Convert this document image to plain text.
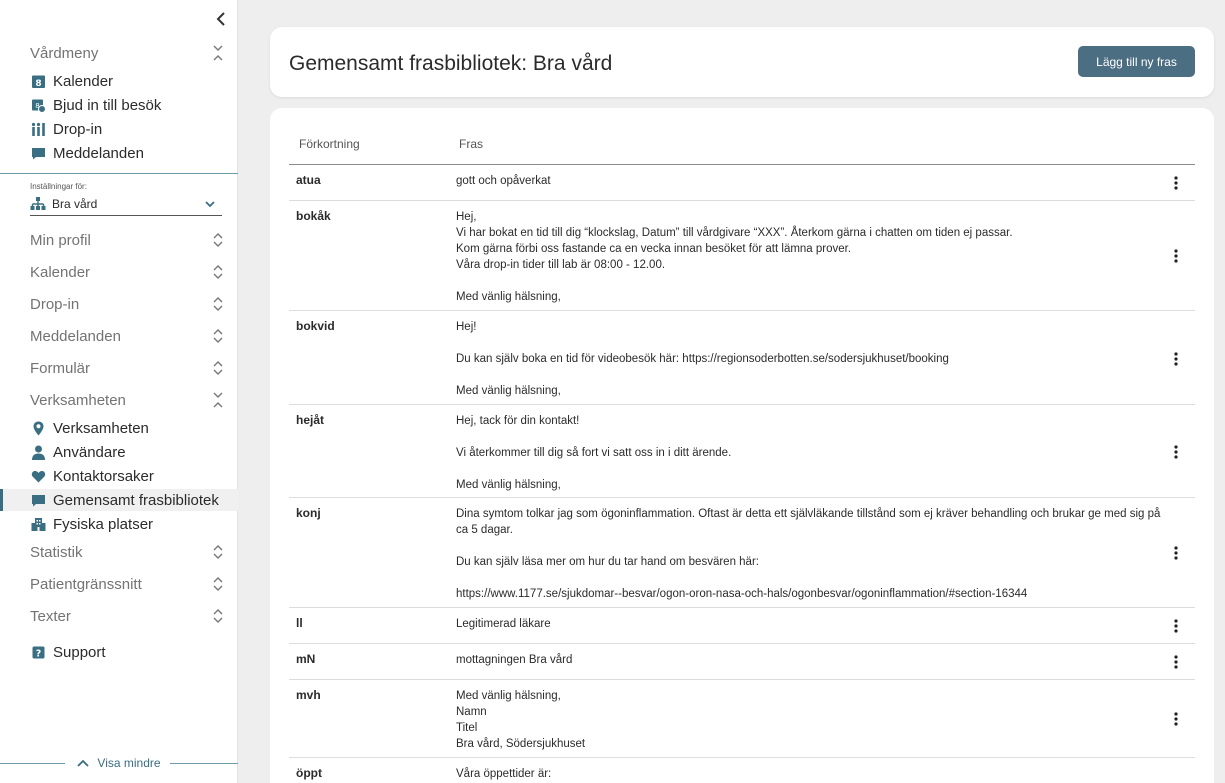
Vårdmeny
8 Kalender
8 Bjud in till besök
Drop-in
Meddelanden
Inställningar för:
Bra vård
Min profil
Kalender
Drop-in
Meddelanden
Formulär
Verksamheten
Verksamheten
Användare
Kontaktorsaker
Gemensamt frasbibliotek
Fysiska platser
Statistik
Patientgränssnitt
Texter
? Support
Visa mindre
Gemensamt frasbibliotek: Bra vård	Lägg till ny fras
Förkortning	Fras
atua	gott och opåverkat

bokåk	Hej,

Vi har bokat en tid till dig “klockslag, Datum” till vårdgivare “XXX”. Återkom gärna i chatten om tiden ej passar.

Kom gärna förbi oss fastande ca en vecka innan besöket för att lämna prover.

Våra drop-in tider till lab är 08:00 - 12.00.

Med vänlig hälsning,

bokvid	Hej!

Du kan själv boka en tid för videobesök här: https://regionsoderbotten.se/sodersjukhuset/booking

Med vänlig hälsning,

hejåt	Hej, tack för din kontakt!

Vi återkommer till dig så fort vi satt oss in i ditt ärende.

Med vänlig hälsning,

konj	Dina symtom tolkar jag som ögoninflammation. Oftast är detta ett självläkande tillstånd som ej kräver behandling och brukar ge med sig på ca 5 dagar.

Du kan själv läsa mer om hur du tar hand om besvären här:

https://www.1177.se/sjukdomar--besvar/ogon-oron-nasa-och-hals/ogonbesvar/ogoninflammation/#section-16344

ll	Legitimerad läkare

mN	mottagningen Bra vård

mvh	Med vänlig hälsning,

Namn

Titel

Bra vård, Södersjukhuset

öppt	Våra öppettider är:
